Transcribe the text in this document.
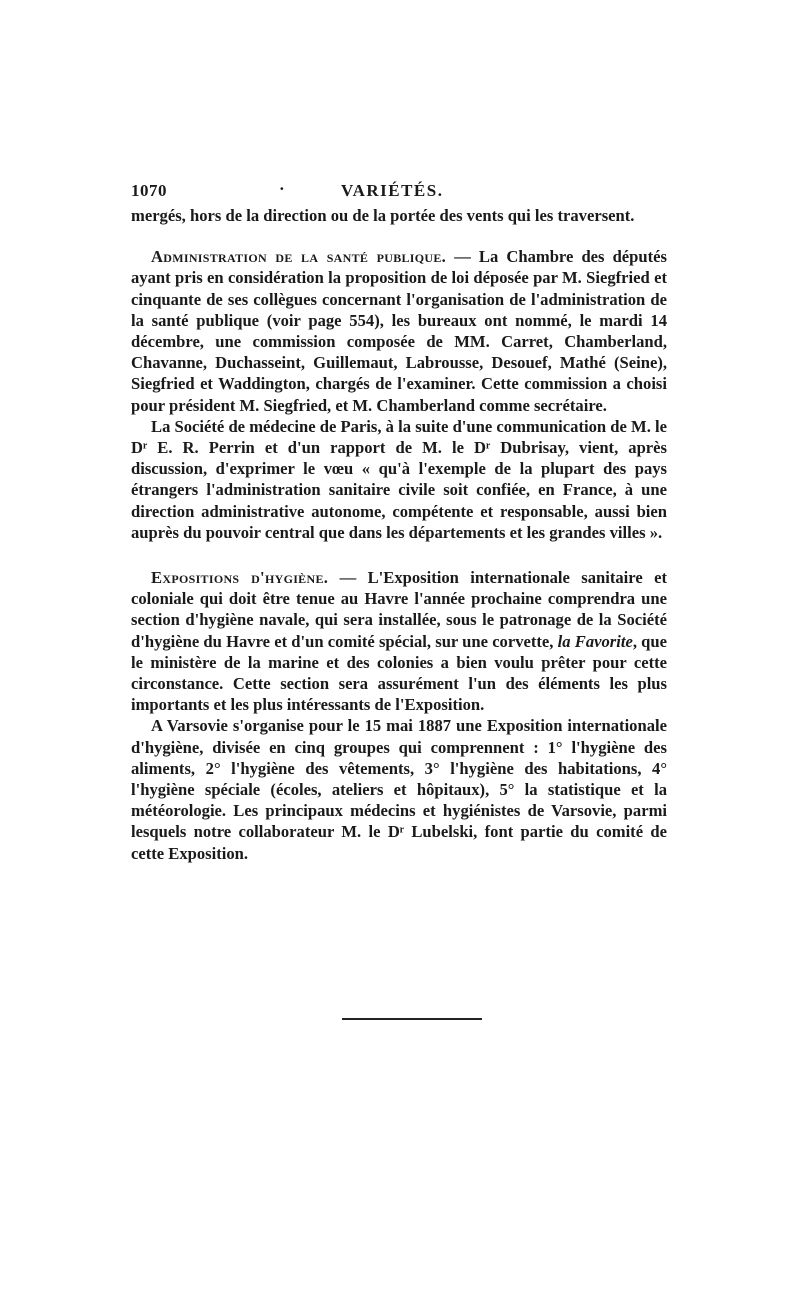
1070	·	VARIÉTÉS.

mergés, hors de la direction ou de la portée des vents qui les traversent.

Administration de la santé publique. — La Chambre des députés ayant pris en considération la proposition de loi déposée par M. Siegfried et cinquante de ses collègues concernant l'organisation de l'administration de la santé publique (voir page 554), les bureaux ont nommé, le mardi 14 décembre, une commission composée de MM. Carret, Chamberland, Chavanne, Duchasseint, Guillemaut, Labrousse, Desouef, Mathé (Seine), Siegfried et Waddington, chargés de l'examiner. Cette commission a choisi pour président M. Siegfried, et M. Chamberland comme secrétaire.

La Société de médecine de Paris, à la suite d'une communication de M. le Dʳ E. R. Perrin et d'un rapport de M. le Dʳ Dubrisay, vient, après discussion, d'exprimer le vœu « qu'à l'exemple de la plupart des pays étrangers l'administration sanitaire civile soit confiée, en France, à une direction administrative autonome, compétente et responsable, aussi bien auprès du pouvoir central que dans les départements et les grandes villes ».

Expositions d'hygiène. — L'Exposition internationale sanitaire et coloniale qui doit être tenue au Havre l'année prochaine comprendra une section d'hygiène navale, qui sera installée, sous le patronage de la Société d'hygiène du Havre et d'un comité spécial, sur une corvette, la Favorite, que le ministère de la marine et des colonies a bien voulu prêter pour cette circonstance. Cette section sera assurément l'un des éléments les plus importants et les plus intéressants de l'Exposition.

A Varsovie s'organise pour le 15 mai 1887 une Exposition internationale d'hygiène, divisée en cinq groupes qui comprennent : 1° l'hygiène des aliments, 2° l'hygiène des vêtements, 3° l'hygiène des habitations, 4° l'hygiène spéciale (écoles, ateliers et hôpitaux), 5° la statistique et la météorologie. Les principaux médecins et hygiénistes de Varsovie, parmi lesquels notre collaborateur M. le Dʳ Lubelski, font partie du comité de cette Exposition.
